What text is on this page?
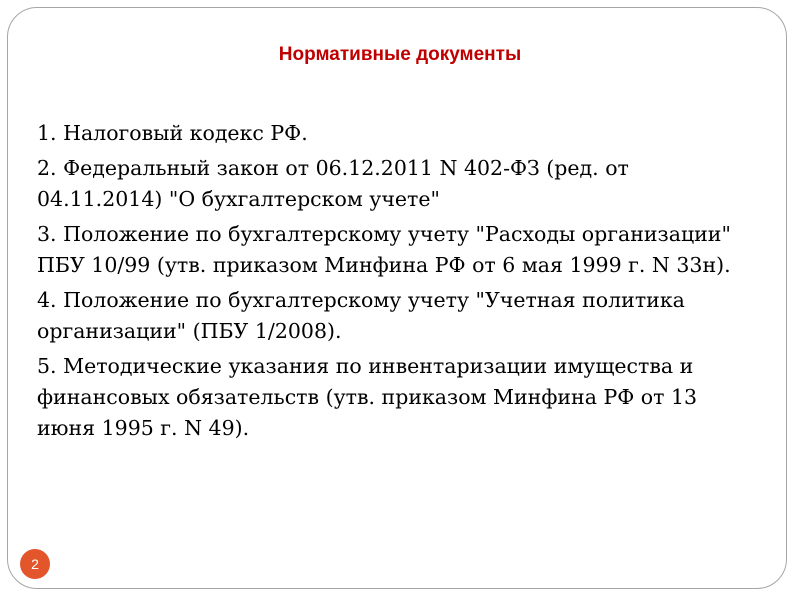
Нормативные документы
1. Налоговый кодекс РФ.
2. Федеральный закон от 06.12.2011 N 402-ФЗ (ред. от 04.11.2014) "О бухгалтерском учете"
3. Положение по бухгалтерскому учету "Расходы организации" ПБУ 10/99 (утв. приказом Минфина РФ от 6 мая 1999 г. N 33н).
4. Положение по бухгалтерскому учету "Учетная политика организации" (ПБУ 1/2008).
5. Методические указания по инвентаризации имущества и финансовых обязательств (утв. приказом Минфина РФ от 13 июня 1995 г. N 49).
2
